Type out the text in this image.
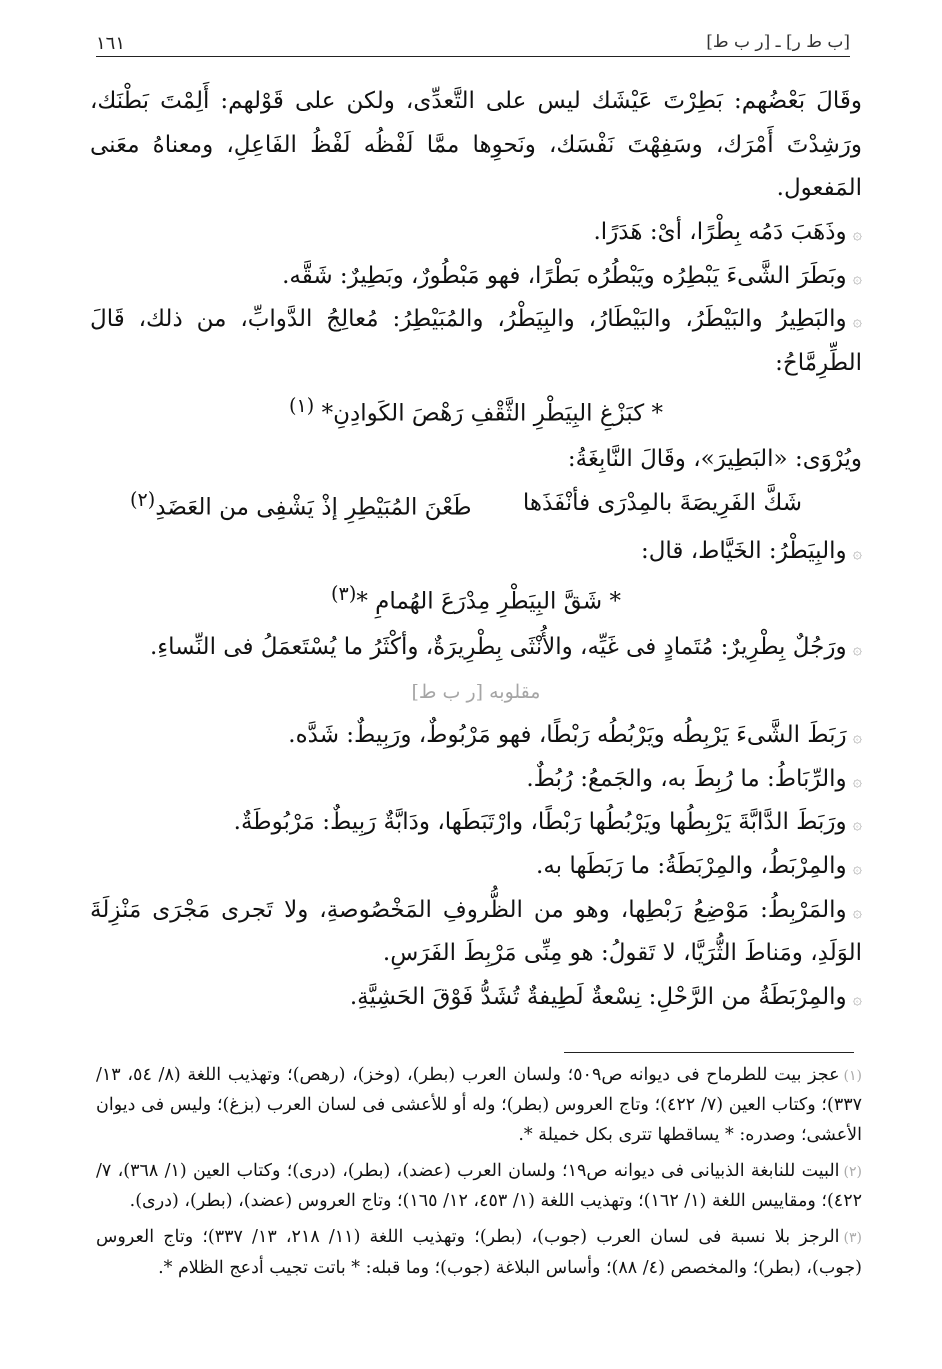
[ب ط ر] ـ [ر ب ط]
١٦١

وقَالَ بَعْضُهم: بَطِرْتَ عَيْشَك ليس على التَّعدِّى، ولكن على قَوْلهم: أَلِمْتَ بَطْنَك، ورَشِدْتَ أَمْرَك، وسَفِهْتَ نَفْسَك، ونَحوِها ممَّا لَفْظُه لَفْظُ الفَاعِلِ، ومعناهُ معَنى المَفعول.

۞وذَهَبَ دَمُه بِطْرًا، أىْ: هَدَرًا.

۞وبَطَرَ الشَّىءَ يَبْطِرُه ويَبْطُرُه بَطْرًا، فهو مَبْطُورٌ، وبَطِيرٌ: شَقَّه.

۞والبَطِيرُ والبَيْطَرُ، والبَيْطَارُ، والبِيَطْرُ، والمُبَيْطِرُ: مُعالِجُ الدَّوابِّ، من ذلك، قَالَ الطِّرِمَّاحُ:

* كبَزْغِ البِيَطْرِ الثَّقْفِ رَهْصَ الكَوادِنِ* $^{(١)}$

ويُرْوَى: «البَطِيرَ»، وقَالَ النَّابِغَةُ:

شَكَّ الفَرِيصَةَ بالمِدْرَى فأنْفَذَها
طَعْنَ المُبَيْطِرِ إذْ يَشْفِى من العَضَدِ$^{(٢)}$

۞والبِيَطْرُ: الخَيَّاط، قال:

* شَقَّ البِيَطْرِ مِدْرَعَ الهُمامِ *$^{(٣)}$

۞ورَجُلٌ بِطْرِيرٌ: مُتَمادٍ فى غَيِّه، والأُنْثَى بِطْرِيرَةٌ، وأكْثَرُ ما يُسْتَعمَلُ فى النِّساءِ.

مقلوبه [ر ب ط]

۞رَبَطَ الشَّىءَ يَرْبِطُه ويَرْبُطُه رَبْطًا، فهو مَرْبُوطٌ، ورَبِيطٌ: شَدَّه.

۞والرِّبَاطُ: ما رُبِطَ به، والجَمعُ: رُبُطٌ.

۞ورَبَطَ الدَّابَّةَ يَرْبِطُها ويَرْبُطُها رَبْطًا، وارْتَبَطَها، ودَابَّةٌ رَبِيطٌ: مَرْبُوطَةٌ.

۞والمِرْبَطُ، والمِرْبَطَةُ: ما رَبَطَها به.

۞والمَرْبِطُ: مَوْضِعُ رَبْطِها، وهو من الظُّروفِ المَخْصُوصةِ، ولا تَجرى مَجْرَى مَنْزِلَةَ الوَلَدِ، ومَناطَ الثُّرَيَّا، لا تَقولُ: هو مِنِّى مَرْبِطَ الفَرَسِ.

۞والمِرْبَطَةُ من الرَّحْلِ: نِسْعةٌ لَطِيفةٌ تُشَدُّ فَوْقَ الحَشِيَّةِ.

(١)عجز بيت للطرماح فى ديوانه ص٥٠٩؛ ولسان العرب (بطر)، (وخز)، (رهص)؛ وتهذيب اللغة (٨/ ٥٤، ١٣/ ٣٣٧)؛ وكتاب العين (٧/ ٤٢٢)؛ وتاج العروس (بطر)؛ وله أو للأعشى فى لسان العرب (بزغ)؛ وليس فى ديوان الأعشى؛ وصدره: * يساقطها تترى بكل خميلة *.

(٢)البيت للنابغة الذبيانى فى ديوانه ص١٩؛ ولسان العرب (عضد)، (بطر)، (درى)؛ وكتاب العين (١/ ٣٦٨)، ٧/ ٤٢٢)؛ ومقاييس اللغة (١/ ١٦٢)؛ وتهذيب اللغة (١/ ٤٥٣، ١٢/ ١٦٥)؛ وتاج العروس (عضد)، (بطر)، (درى).

(٣)الرجز بلا نسبة فى لسان العرب (جوب)، (بطر)؛ وتهذيب اللغة (١١/ ٢١٨، ١٣/ ٣٣٧)؛ وتاج العروس (جوب)، (بطر)؛ والمخصص (٤/ ٨٨)؛ وأساس البلاغة (جوب)؛ وما قبله: * باتت تجيب أدعج الظلام *.
